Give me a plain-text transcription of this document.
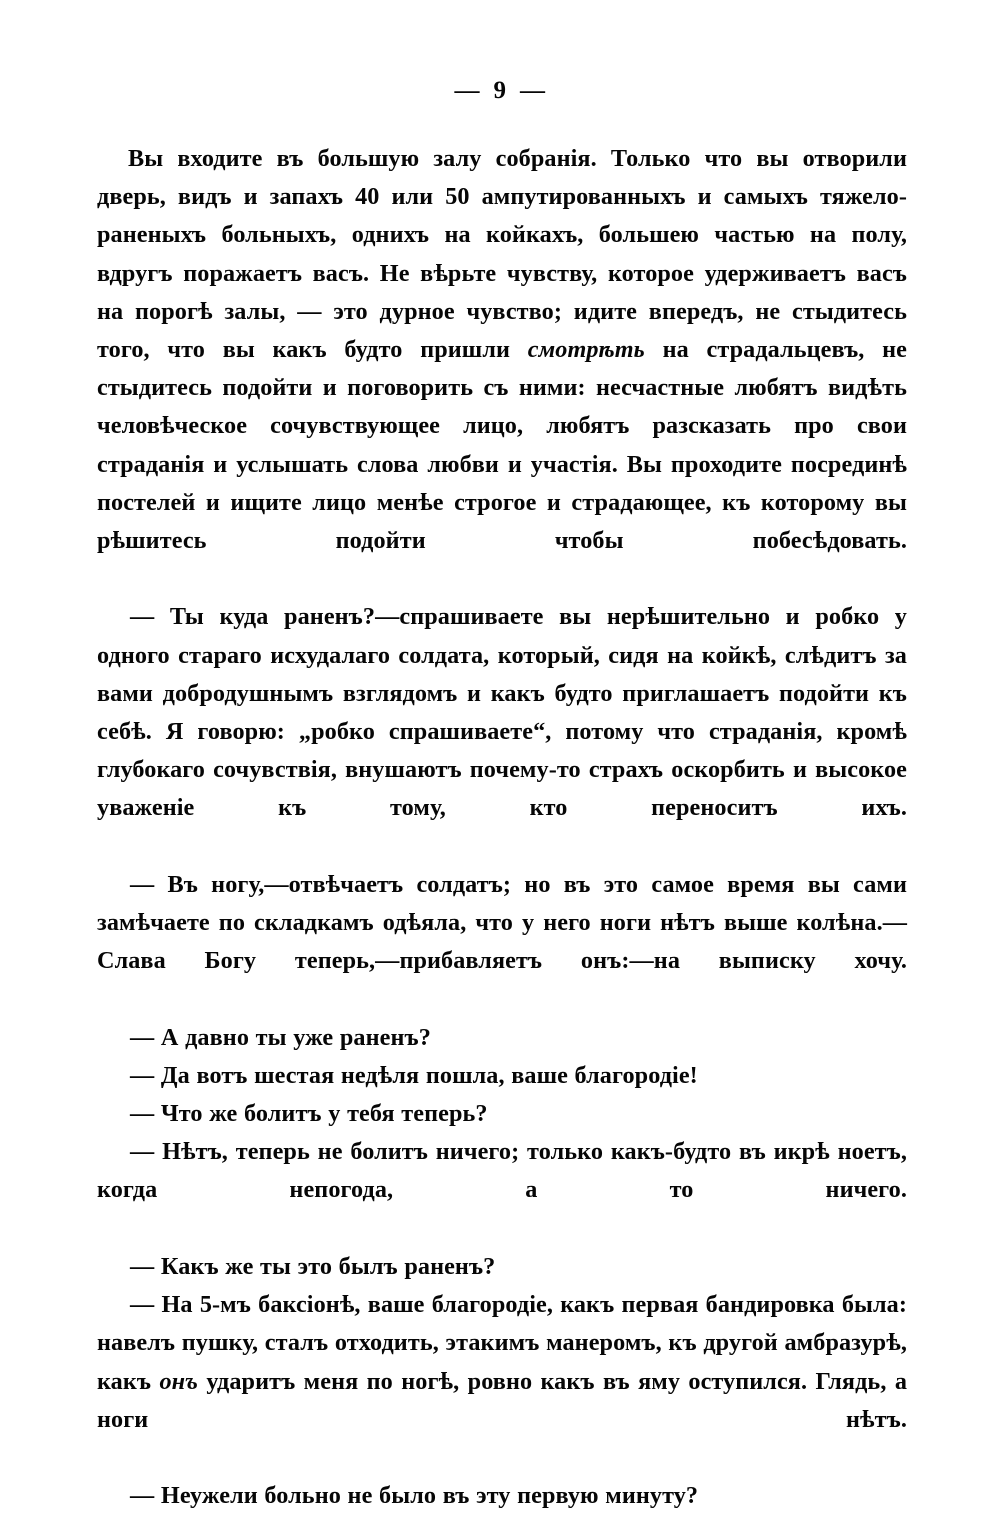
—  9  —

Вы входите въ большую залу собранія. Только что вы отворили дверь, видъ и запахъ 40 или 50 ампутированныхъ и самыхъ тяжело-раненыхъ больныхъ, однихъ на койкахъ, большею частью на полу, вдругъ поражаетъ васъ. Не вѣрьте чувству, которое удерживаетъ васъ на порогѣ залы, — это дурное чувство; идите впередъ, не стыдитесь того, что вы какъ будто пришли смотрѣть на страдальцевъ, не стыдитесь подойти и поговорить съ ними: несчастные любятъ видѣть человѣческое сочувствующее лицо, любятъ разсказать про свои страданія и услышать слова любви и участія. Вы проходите посрединѣ постелей и ищите лицо менѣе строгое и страдающее, къ которому вы рѣшитесь подойти чтобы побесѣдовать.

— Ты куда раненъ?—спрашиваете вы нерѣшительно и робко у одного стараго исхудалаго солдата, который, сидя на койкѣ, слѣдитъ за вами добродушнымъ взглядомъ и какъ будто приглашаетъ подойти къ себѣ. Я говорю: „робко спрашиваете“, потому что страданія, кромѣ глубокаго сочувствія, внушаютъ почему-то страхъ оскорбить и высокое уваженіе къ тому, кто переноситъ ихъ.

— Въ ногу,—отвѣчаетъ солдатъ; но въ это самое время вы сами замѣчаете по складкамъ одѣяла, что у него ноги нѣтъ выше колѣна.—Слава Богу теперь,—прибавляетъ онъ:—на выписку хочу.

— А давно ты уже раненъ?

— Да вотъ шестая недѣля пошла, ваше благородіе!

— Что же болитъ у тебя теперь?

— Нѣтъ, теперь не болитъ ничего; только какъ-будто въ икрѣ ноетъ, когда непогода, а то ничего.

— Какъ же ты это былъ раненъ?

— На 5-мъ баксіонѣ, ваше благородіе, какъ первая бандировка была: навелъ пушку, сталъ отходить, этакимъ манеромъ, къ другой амбразурѣ, какъ онъ ударитъ меня по ногѣ, ровно какъ въ яму оступился. Глядь, а ноги нѣтъ.

— Неужели больно не было въ эту первую минуту?
